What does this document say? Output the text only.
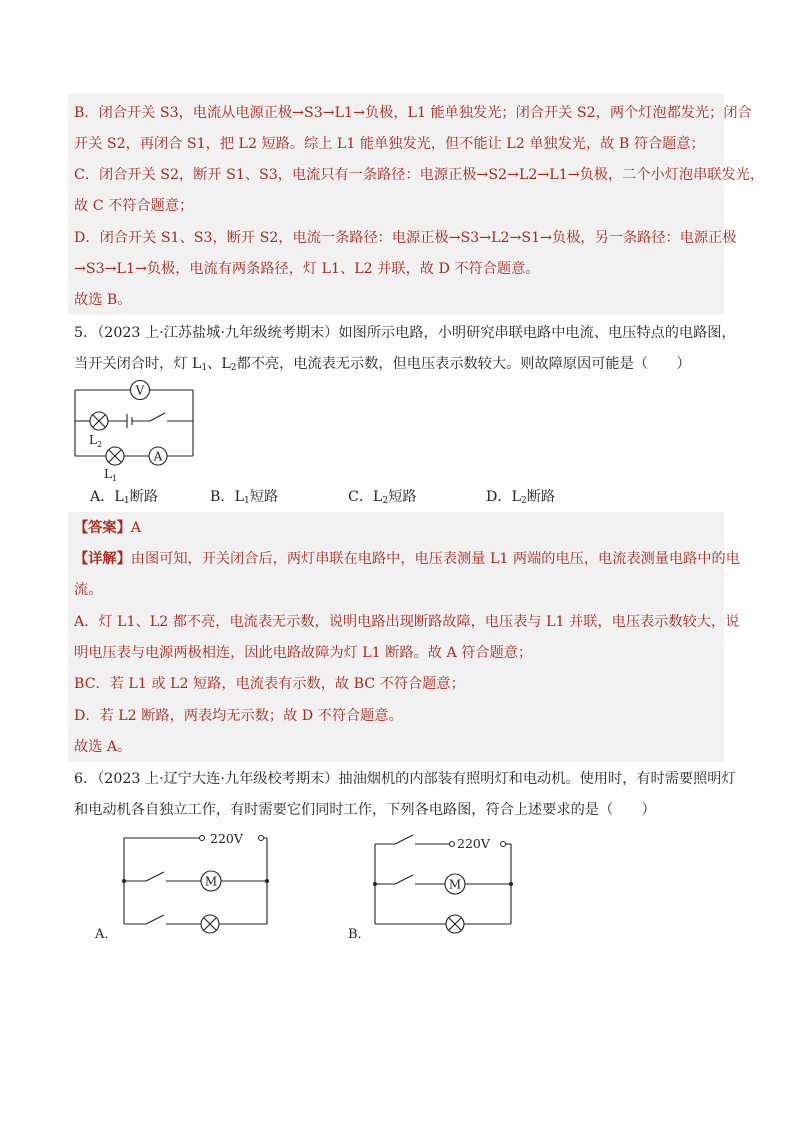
B．闭合开关 S3，电流从电源正极→S3→L1→负极，L1 能单独发光；闭合开关 S2，两个灯泡都发光；闭合
开关 S2，再闭合 S1，把 L2 短路。综上 L1 能单独发光，但不能让 L2 单独发光，故 B 符合题意；
C．闭合开关 S2，断开 S1、S3，电流只有一条路径：电源正极→S2→L2→L1→负极，二个小灯泡串联发光，
故 C 不符合题意；
D．闭合开关 S1、S3，断开 S2，电流一条路径：电源正极→S3→L2→S1→负极，另一条路径：电源正极
→S3→L1→负极，电流有两条路径，灯 L1、L2 并联，故 D 不符合题意。
故选 B。
5．（2023 上·江苏盐城·九年级统考期末）如图所示电路，小明研究串联电路中电流、电压特点的电路图，
当开关闭合时，灯 $L_1$、$L_2$都不亮，电流表无示数，但电压表示数较大。则故障原因可能是（　　）
V
$L_2$
$L_1$
A
A．$L_1$断路	B．$L_1$短路	C．$L_2$短路	D．$L_2$断路
【答案】A
【详解】由图可知，开关闭合后，两灯串联在电路中，电压表测量 L1 两端的电压，电流表测量电路中的电
流。
A．灯 L1、L2 都不亮，电流表无示数，说明电路出现断路故障，电压表与 L1 并联，电压表示数较大，说
明电压表与电源两极相连，因此电路故障为灯 L1 断路。故 A 符合题意；
BC．若 L1 或 L2 短路，电流表有示数，故 BC 不符合题意；
D．若 L2 断路，两表均无示数；故 D 不符合题意。
故选 A。
6．（2023 上·辽宁大连·九年级校考期末）抽油烟机的内部装有照明灯和电动机。使用时，有时需要照明灯
和电动机各自独立工作，有时需要它们同时工作，下列各电路图，符合上述要求的是（　　）
220V
M
A．
220V
M
B．
